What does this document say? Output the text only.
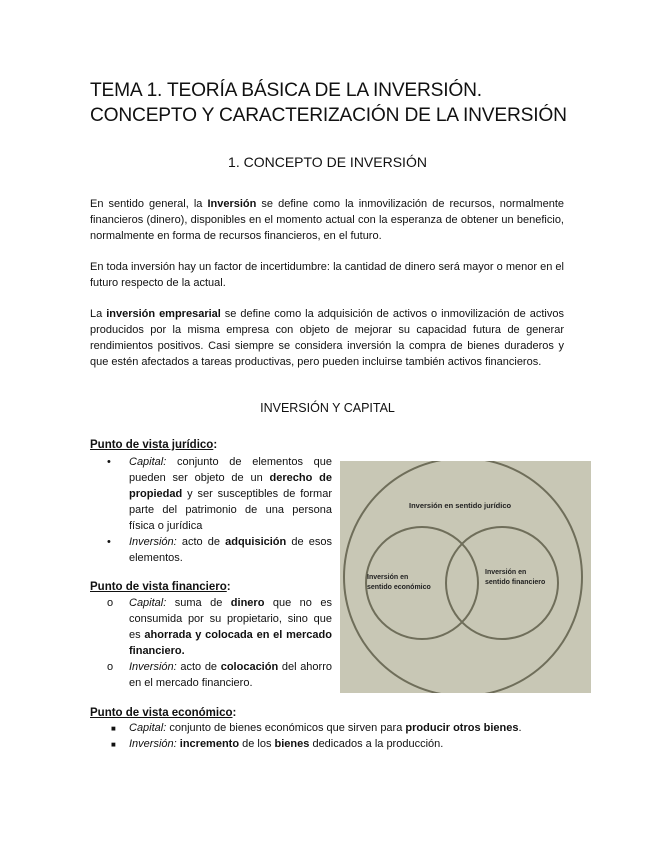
TEMA 1. TEORÍA BÁSICA DE LA INVERSIÓN. CONCEPTO Y CARACTERIZACIÓN DE LA INVERSIÓN
1. CONCEPTO DE INVERSIÓN

En sentido general, la Inversión se define como la inmovilización de recursos, normalmente financieros (dinero), disponibles en el momento actual con la esperanza de obtener un beneficio, normalmente en forma de recursos financieros, en el futuro.

En toda inversión hay un factor de incertidumbre: la cantidad de dinero será mayor o menor en el futuro respecto de la actual.

La inversión empresarial se define como la adquisición de activos o inmovilización de activos producidos por la misma empresa con objeto de mejorar su capacidad futura de generar rendimientos positivos. Casi siempre se considera inversión la compra de bienes duraderos y que estén afectados a tareas productivas, pero pueden incluirse también activos financieros.

INVERSIÓN Y CAPITAL

Punto de vista jurídico:

• Capital: conjunto de elementos que pueden ser objeto de un derecho de propiedad y ser susceptibles de formar parte del patrimonio de una persona física o jurídica
• Inversión: acto de adquisición de esos elementos.

Punto de vista financiero:

o Capital: suma de dinero que no es consumida por su propietario, sino que es ahorrada y colocada en el mercado financiero.
o Inversión: acto de colocación del ahorro en el mercado financiero.

Punto de vista económico:

■ Capital: conjunto de bienes económicos que sirven para producir otros bienes.
■ Inversión: incremento de los bienes dedicados a la producción.
Inversión en sentido jurídico
Inversión en
sentido económico
Inversión en
sentido financiero
